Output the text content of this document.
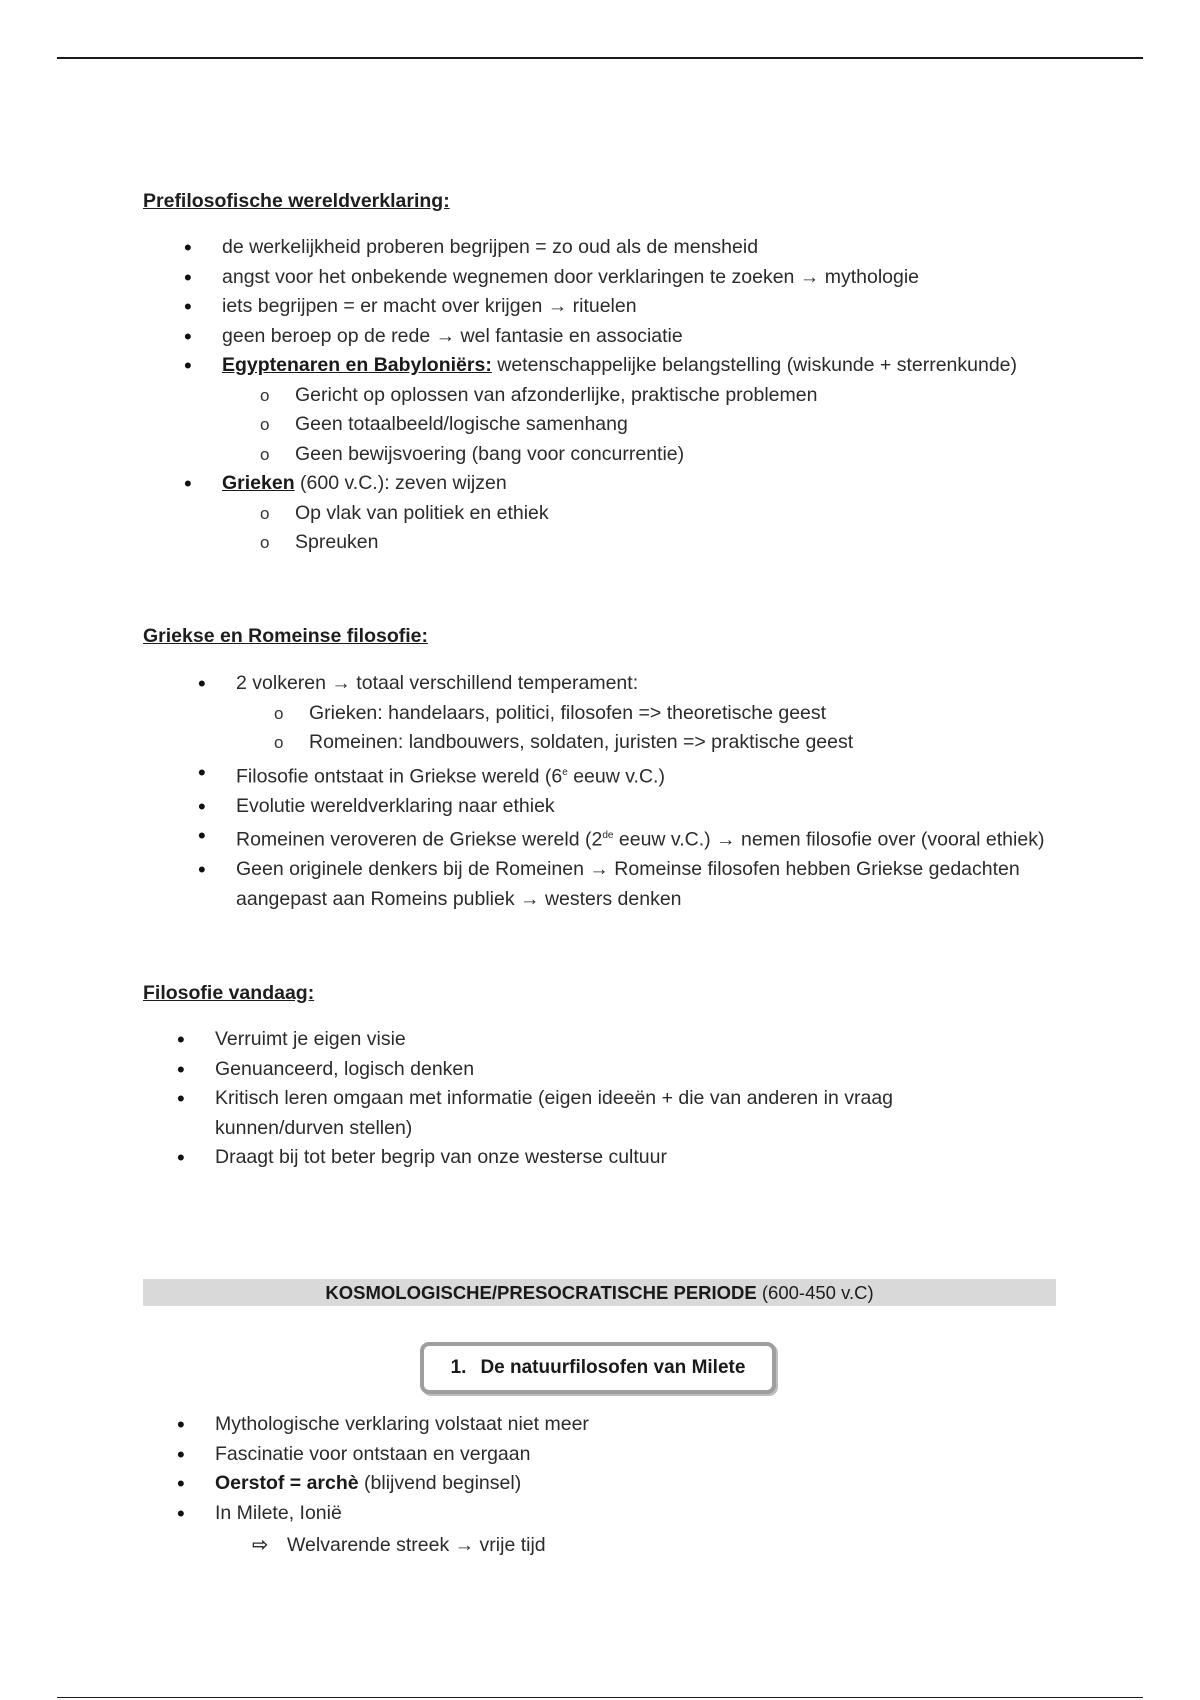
Prefilosofische wereldverklaring:
• de werkelijkheid proberen begrijpen = zo oud als de mensheid
• angst voor het onbekende wegnemen door verklaringen te zoeken → mythologie
• iets begrijpen = er macht over krijgen → rituelen
• geen beroep op de rede → wel fantasie en associatie
• Egyptenaren en Babyloniërs: wetenschappelijke belangstelling (wiskunde + sterrenkunde)
o Gericht op oplossen van afzonderlijke, praktische problemen
o Geen totaalbeeld/logische samenhang
o Geen bewijsvoering (bang voor concurrentie)
• Grieken (600 v.C.): zeven wijzen
o Op vlak van politiek en ethiek
o Spreuken
Griekse en Romeinse filosofie:
• 2 volkeren → totaal verschillend temperament:
o Grieken: handelaars, politici, filosofen => theoretische geest
o Romeinen: landbouwers, soldaten, juristen => praktische geest
• Filosofie ontstaat in Griekse wereld (6e eeuw v.C.)
• Evolutie wereldverklaring naar ethiek
• Romeinen veroveren de Griekse wereld (2de eeuw v.C.) → nemen filosofie over (vooral ethiek)
• Geen originele denkers bij de Romeinen → Romeinse filosofen hebben Griekse gedachten aangepast aan Romeins publiek → westers denken
Filosofie vandaag:
• Verruimt je eigen visie
• Genuanceerd, logisch denken
• Kritisch leren omgaan met informatie (eigen ideeën + die van anderen in vraag kunnen/durven stellen)
• Draagt bij tot beter begrip van onze westerse cultuur
KOSMOLOGISCHE/PRESOCRATISCHE PERIODE (600-450 v.C)
1. De natuurfilosofen van Milete
• Mythologische verklaring volstaat niet meer
• Fascinatie voor ontstaan en vergaan
• Oerstof = archè (blijvend beginsel)
• In Milete, Ionië
⇨ Welvarende streek → vrije tijd
